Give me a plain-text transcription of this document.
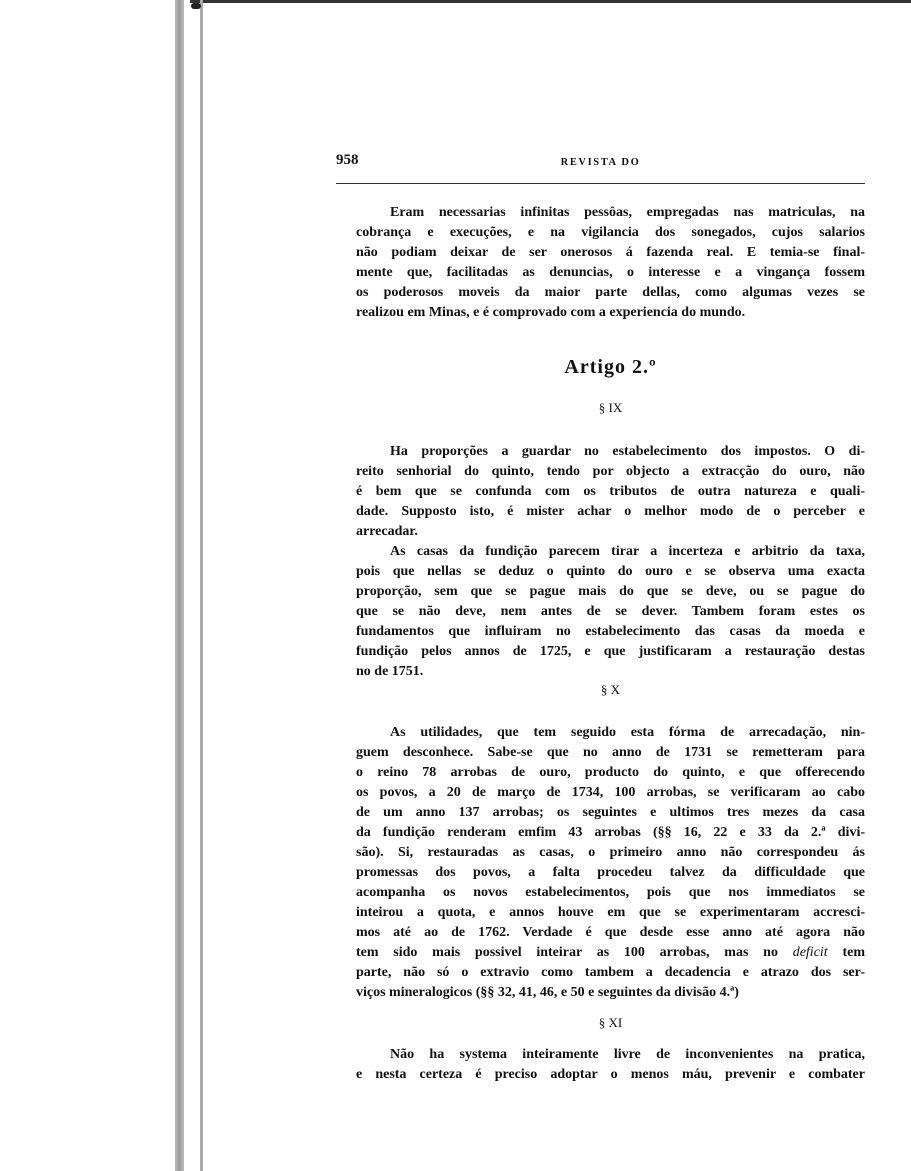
958	REVISTA DO
Eram necessarias infinitas pessôas, empregadas nas matriculas, na
cobrança e execuções, e na vigilancia dos sonegados, cujos salarios
não podiam deixar de ser onerosos á fazenda real. E temia-se final-
mente que, facilitadas as denuncias, o interesse e a vingança fossem
os poderosos moveis da maior parte dellas, como algumas vezes se
realizou em Minas, e é comprovado com a experiencia do mundo.
Artigo 2.º
§ IX
Ha proporções a guardar no estabelecimento dos impostos. O di-
reito senhorial do quinto, tendo por objecto a extracção do ouro, não
é bem que se confunda com os tributos de outra natureza e quali-
dade. Supposto isto, é mister achar o melhor modo de o perceber e
arrecadar.
As casas da fundição parecem tirar a incerteza e arbitrio da taxa,
pois que nellas se deduz o quinto do ouro e se observa uma exacta
proporção, sem que se pague mais do que se deve, ou se pague do
que se não deve, nem antes de se dever. Tambem foram estes os
fundamentos que influiram no estabelecimento das casas da moeda e
fundição pelos annos de 1725, e que justificaram a restauração destas
no de 1751.
§ X
As utilidades, que tem seguido esta fórma de arrecadação, nin-
guem desconhece. Sabe-se que no anno de 1731 se remetteram para
o reino 78 arrobas de ouro, producto do quinto, e que offerecendo
os povos, a 20 de março de 1734, 100 arrobas, se verificaram ao cabo
de um anno 137 arrobas; os seguintes e ultimos tres mezes da casa
da fundição renderam emfim 43 arrobas (§§ 16, 22 e 33 da 2.ª divi-
são). Si, restauradas as casas, o primeiro anno não correspondeu ás
promessas dos povos, a falta procedeu talvez da difficuldade que
acompanha os novos estabelecimentos, pois que nos immediatos se
inteirou a quota, e annos houve em que se experimentaram accresci-
mos até ao de 1762. Verdade é que desde esse anno até agora não
tem sido mais possivel inteirar as 100 arrobas, mas no deficit tem
parte, não só o extravio como tambem a decadencia e atrazo dos ser-
viços mineralogicos (§§ 32, 41, 46, e 50 e seguintes da divisão 4.ª)
§ XI
Não ha systema inteiramente livre de inconvenientes na pratica,
e nesta certeza é preciso adoptar o menos máu, prevenir e combater
